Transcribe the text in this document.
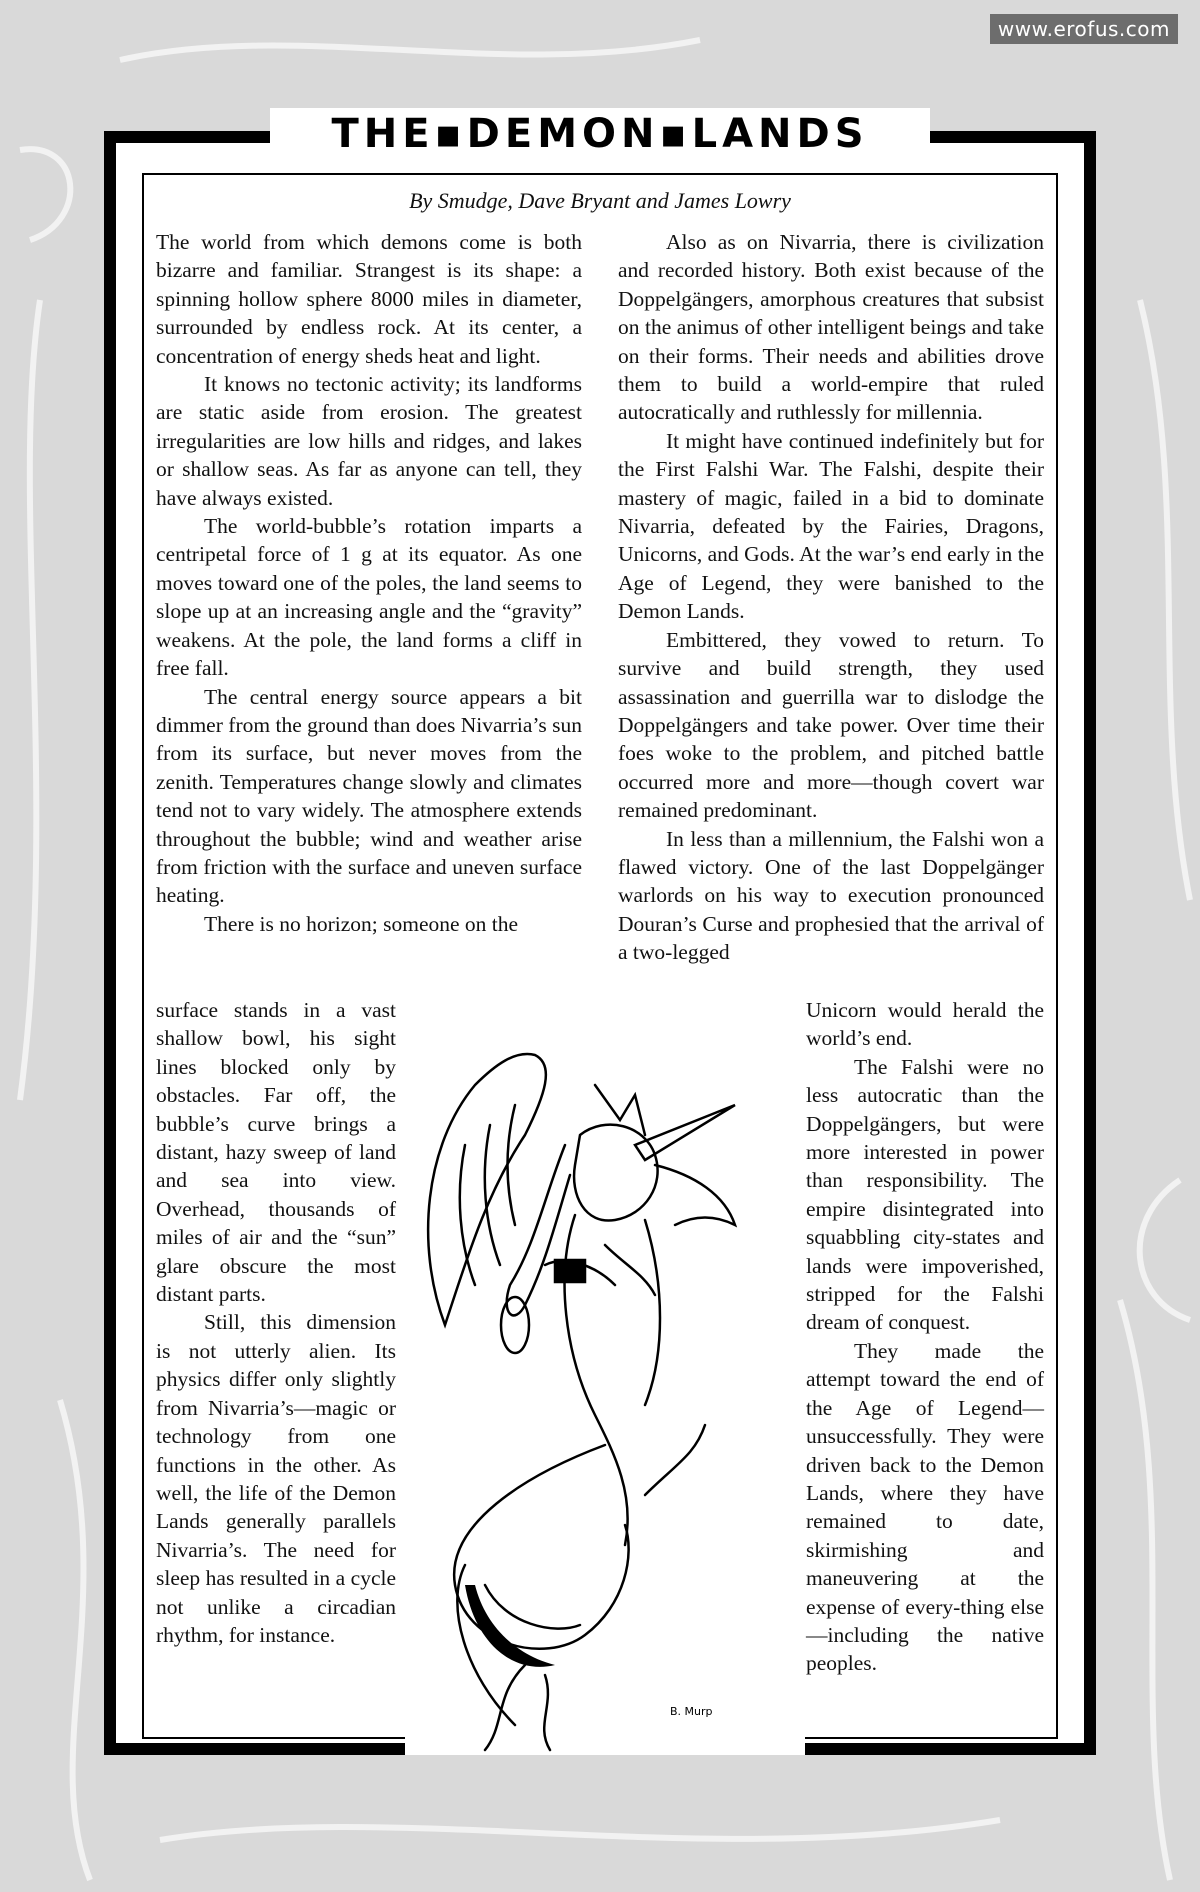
www.erofus.com
THE▪DEMON▪LANDS
By Smudge, Dave Bryant and James Lowry

The world from which demons come is both bizarre and familiar. Strangest is its shape: a spinning hollow sphere 8000 miles in diameter, surrounded by endless rock. At its center, a concentration of energy sheds heat and light.

It knows no tectonic activity; its landforms are static aside from erosion. The greatest irregularities are low hills and ridges, and lakes or shallow seas. As far as anyone can tell, they have always existed.

The world-bubble’s rotation imparts a centripetal force of 1 g at its equator. As one moves toward one of the poles, the land seems to slope up at an increasing angle and the “gravity” weakens. At the pole, the land forms a cliff in free fall.

The central energy source appears a bit dimmer from the ground than does Nivarria’s sun from its surface, but never moves from the zenith. Temperatures change slowly and climates tend not to vary widely. The atmosphere extends throughout the bubble; wind and weather arise from friction with the surface and uneven surface heating.

There is no horizon; someone on the

surface stands in a vast shallow bowl, his sight lines blocked only by obstacles. Far off, the bubble’s curve brings a distant, hazy sweep of land and sea into view. Overhead, thousands of miles of air and the “sun” glare obscure the most distant parts.

Still, this dimension is not utterly alien. Its physics differ only slightly from Nivarria’s—magic or technology from one functions in the other. As well, the life of the Demon Lands generally parallels Nivarria’s. The need for sleep has resulted in a cycle not unlike a circadian rhythm, for instance.

Also as on Nivarria, there is civilization and recorded history. Both exist because of the Doppelgängers, amorphous creatures that subsist on the animus of other intelligent beings and take on their forms. Their needs and abilities drove them to build a world-empire that ruled autocratically and ruthlessly for millennia.

It might have continued indefinitely but for the First Falshi War. The Falshi, despite their mastery of magic, failed in a bid to dominate Nivarria, defeated by the Fairies, Dragons, Unicorns, and Gods. At the war’s end early in the Age of Legend, they were banished to the Demon Lands.

Embittered, they vowed to return. To survive and build strength, they used assassination and guerrilla war to dislodge the Doppelgängers and take power. Over time their foes woke to the problem, and pitched battle occurred more and more—though covert war remained predominant.

In less than a millennium, the Falshi won a flawed victory. One of the last Doppelgänger warlords on his way to execution pronounced Douran’s Curse and prophesied that the arrival of a two-legged

Unicorn would herald the world’s end.

The Falshi were no less autocratic than the Doppelgängers, but were more interested in power than responsibility. The empire disintegrated into squabbling city-states and lands were impoverished, stripped for the Falshi dream of conquest.

They made the attempt toward the end of the Age of Legend—unsuccessfully. They were driven back to the Demon Lands, where they have remained to date, skirmishing and maneuvering at the expense of every-thing else—including the native peoples.

B. Murp
